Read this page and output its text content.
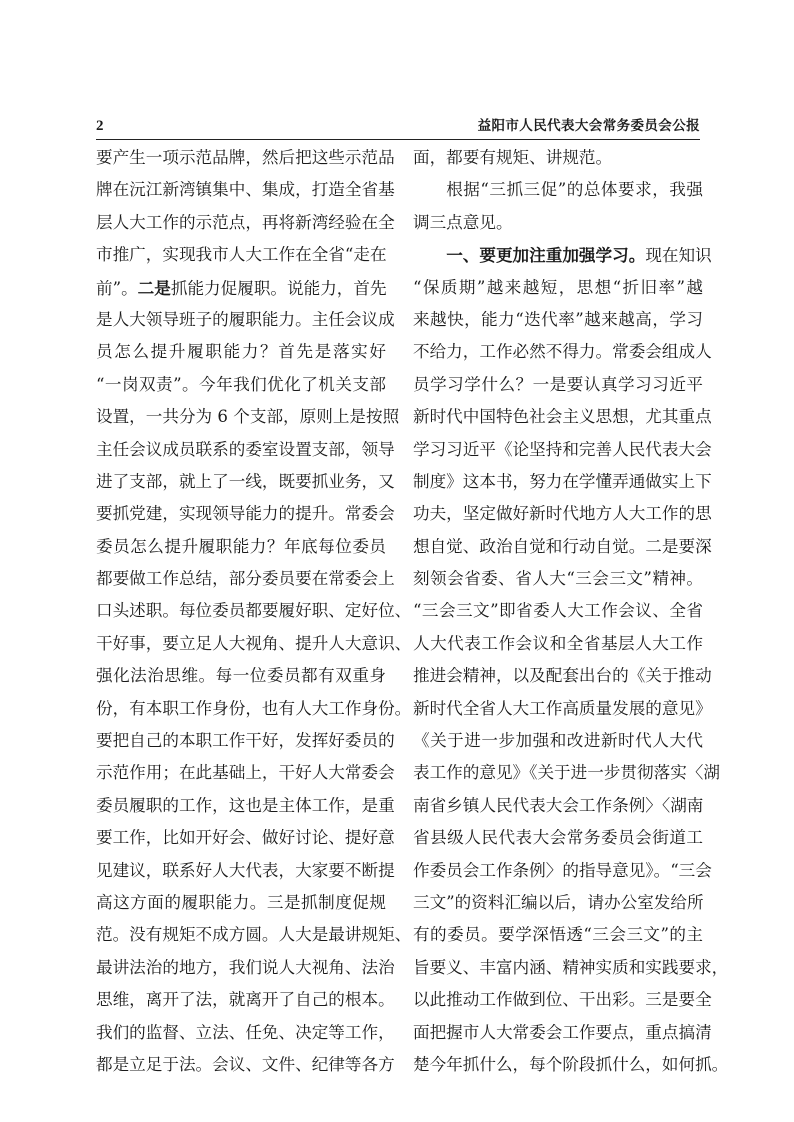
2	益阳市人民代表大会常务委员会公报
要产生一项示范品牌，然后把这些示范品
牌在沅江新湾镇集中、集成，打造全省基
层人大工作的示范点，再将新湾经验在全
市推广，实现我市人大工作在全省“走在
前”。二是抓能力促履职。说能力，首先
是人大领导班子的履职能力。主任会议成
员怎么提升履职能力？首先是落实好
“一岗双责”。今年我们优化了机关支部
设置，一共分为 6 个支部，原则上是按照
主任会议成员联系的委室设置支部，领导
进了支部，就上了一线，既要抓业务，又
要抓党建，实现领导能力的提升。常委会
委员怎么提升履职能力？年底每位委员
都要做工作总结，部分委员要在常委会上
口头述职。每位委员都要履好职、定好位、
干好事，要立足人大视角、提升人大意识、
强化法治思维。每一位委员都有双重身
份，有本职工作身份，也有人大工作身份。
要把自己的本职工作干好，发挥好委员的
示范作用；在此基础上，干好人大常委会
委员履职的工作，这也是主体工作，是重
要工作，比如开好会、做好讨论、提好意
见建议，联系好人大代表，大家要不断提
高这方面的履职能力。三是抓制度促规
范。没有规矩不成方圆。人大是最讲规矩、
最讲法治的地方，我们说人大视角、法治
思维，离开了法，就离开了自己的根本。
我们的监督、立法、任免、决定等工作，
都是立足于法。会议、文件、纪律等各方
面，都要有规矩、讲规范。
根据“三抓三促”的总体要求，我强
调三点意见。
一、要更加注重加强学习。现在知识
“保质期”越来越短，思想“折旧率”越
来越快，能力“迭代率”越来越高，学习
不给力，工作必然不得力。常委会组成人
员学习学什么？一是要认真学习习近平
新时代中国特色社会主义思想，尤其重点
学习习近平《论坚持和完善人民代表大会
制度》这本书，努力在学懂弄通做实上下
功夫，坚定做好新时代地方人大工作的思
想自觉、政治自觉和行动自觉。二是要深
刻领会省委、省人大“三会三文”精神。
“三会三文”即省委人大工作会议、全省
人大代表工作会议和全省基层人大工作
推进会精神，以及配套出台的《关于推动
新时代全省人大工作高质量发展的意见》
《关于进一步加强和改进新时代人大代
表工作的意见》《关于进一步贯彻落实〈湖
南省乡镇人民代表大会工作条例〉〈湖南
省县级人民代表大会常务委员会街道工
作委员会工作条例〉的指导意见》。“三会
三文”的资料汇编以后，请办公室发给所
有的委员。要学深悟透“三会三文”的主
旨要义、丰富内涵、精神实质和实践要求，
以此推动工作做到位、干出彩。三是要全
面把握市人大常委会工作要点，重点搞清
楚今年抓什么，每个阶段抓什么，如何抓。
